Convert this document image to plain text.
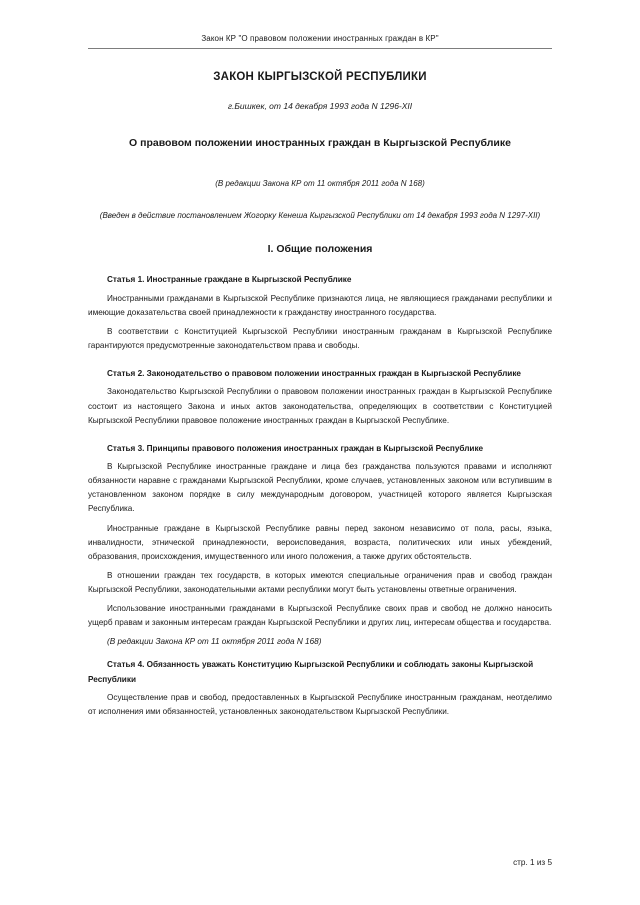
Закон КР "О правовом положении иностранных граждан в КР"
ЗАКОН КЫРГЫЗСКОЙ РЕСПУБЛИКИ
г.Бишкек, от 14 декабря 1993 года N 1296-XII
О правовом положении иностранных граждан в Кыргызской Республике
(В редакции Закона КР от 11 октября 2011 года N 168)
(Введен в действие постановлением Жогорку Кенеша Кыргызской Республики от 14 декабря 1993 года N 1297-XII)
I. Общие положения
Статья 1. Иностранные граждане в Кыргызской Республике

Иностранными гражданами в Кыргызской Республике признаются лица, не являющиеся гражданами республики и имеющие доказательства своей принадлежности к гражданству иностранного государства.

В соответствии с Конституцией Кыргызской Республики иностранным гражданам в Кыргызской Республике гарантируются предусмотренные законодательством права и свободы.

Статья 2. Законодательство о правовом положении иностранных граждан в Кыргызской Республике

Законодательство Кыргызской Республики о правовом положении иностранных граждан в Кыргызской Республике состоит из настоящего Закона и иных актов законодательства, определяющих в соответствии с Конституцией Кыргызской Республики правовое положение иностранных граждан в Кыргызской Республике.

Статья 3. Принципы правового положения иностранных граждан в Кыргызской Республике

В Кыргызской Республике иностранные граждане и лица без гражданства пользуются правами и исполняют обязанности наравне с гражданами Кыргызской Республики, кроме случаев, установленных законом или вступившим в установленном законом порядке в силу международным договором, участницей которого является Кыргызская Республика.

Иностранные граждане в Кыргызской Республике равны перед законом независимо от пола, расы, языка, инвалидности, этнической принадлежности, вероисповедания, возраста, политических или иных убеждений, образования, происхождения, имущественного или иного положения, а также других обстоятельств.

В отношении граждан тех государств, в которых имеются специальные ограничения прав и свобод граждан Кыргызской Республики, законодательными актами республики могут быть установлены ответные ограничения.

Использование иностранными гражданами в Кыргызской Республике своих прав и свобод не должно наносить ущерб правам и законным интересам граждан Кыргызской Республики и других лиц, интересам общества и государства.

(В редакции Закона КР от 11 октября 2011 года N 168)

Статья 4. Обязанность уважать Конституцию Кыргызской Республики и соблюдать законы Кыргызской Республики

Осуществление прав и свобод, предоставленных в Кыргызской Республике иностранным гражданам, неотделимо от исполнения ими обязанностей, установленных законодательством Кыргызской Республики.

стр. 1 из 5
